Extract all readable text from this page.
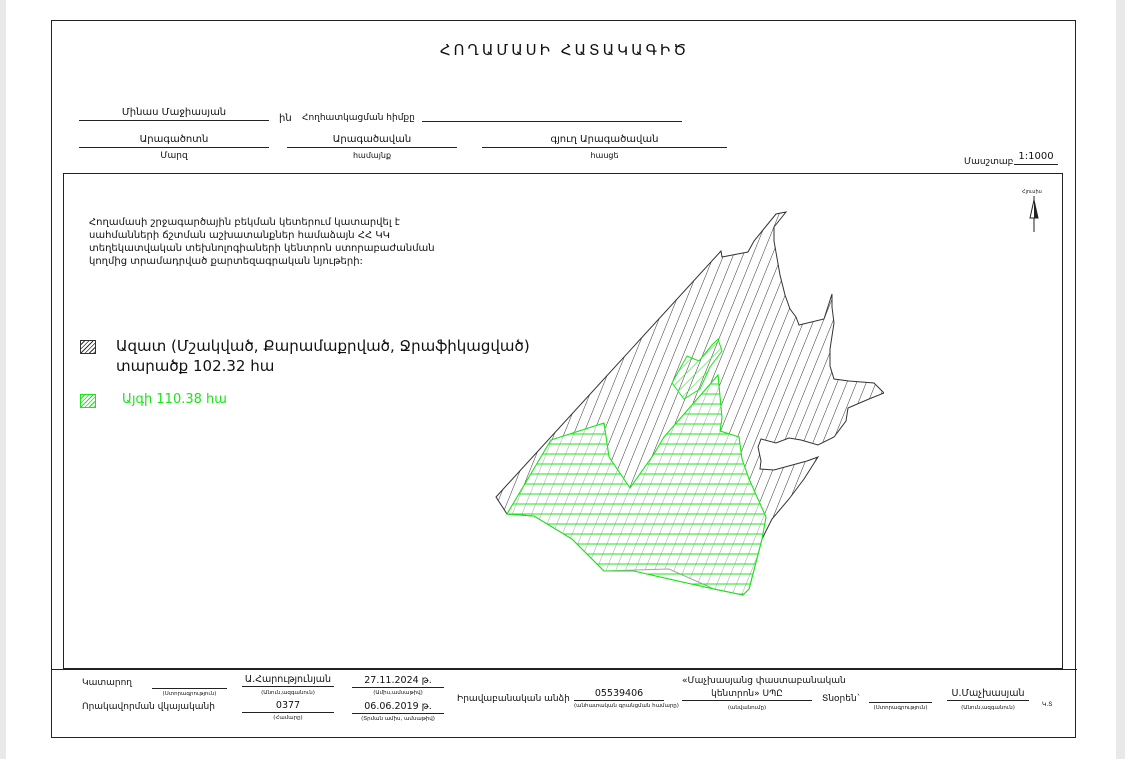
ՀՈՂԱՄԱՍԻ ՀԱՏԱԿԱԳԻԾ
Մինաս Մաջիասյան
ին Հողհատկացման հիմքը
Արագածոտն
Մարզ
Արագածավան
համայնք
գյուղ Արագածավան
հասցե
Մասշտաբ 1:1000
Հողամասի շրջագարծային բեկման կետերում կատարվել է սահմանների ճշտման աշխատանքներ համաձայն ՀՀ ԿԿ տեղեկատվական տեխնոլոգիաների կենտրոն ստորաբաժանման կողմից տրամադրված քարտեզագրական նյութերի:
Ազատ (Մշակված, Քարամաքրված, Ջրաֆիկացված)
տարածք 102.32 հա
Այգի 110.38 հա
Հյուսիս
Կատարող
(Ստորագրություն)
Ա.Հարությունյան
(Անուն,ազգանուն)
27.11.2024 թ.
(Ամիս,ամսաթիվ)
Որակավորման վկայականի	0377
(Համարը)
06.06.2019 թ.
(Տրման ամիս, ամսաթիվ)
Իրավաբանական անձի	05539406
(անհատական գրանցման համարը)
«Մաչխասյանց փաստաբանական
կենտրոն» ՍՊԸ
(անվանումը)
Տնօրեն`
(Ստորագրություն)
Ս.Մաչխասյան
(Անուն,ազգանուն)	Կ.Տ
